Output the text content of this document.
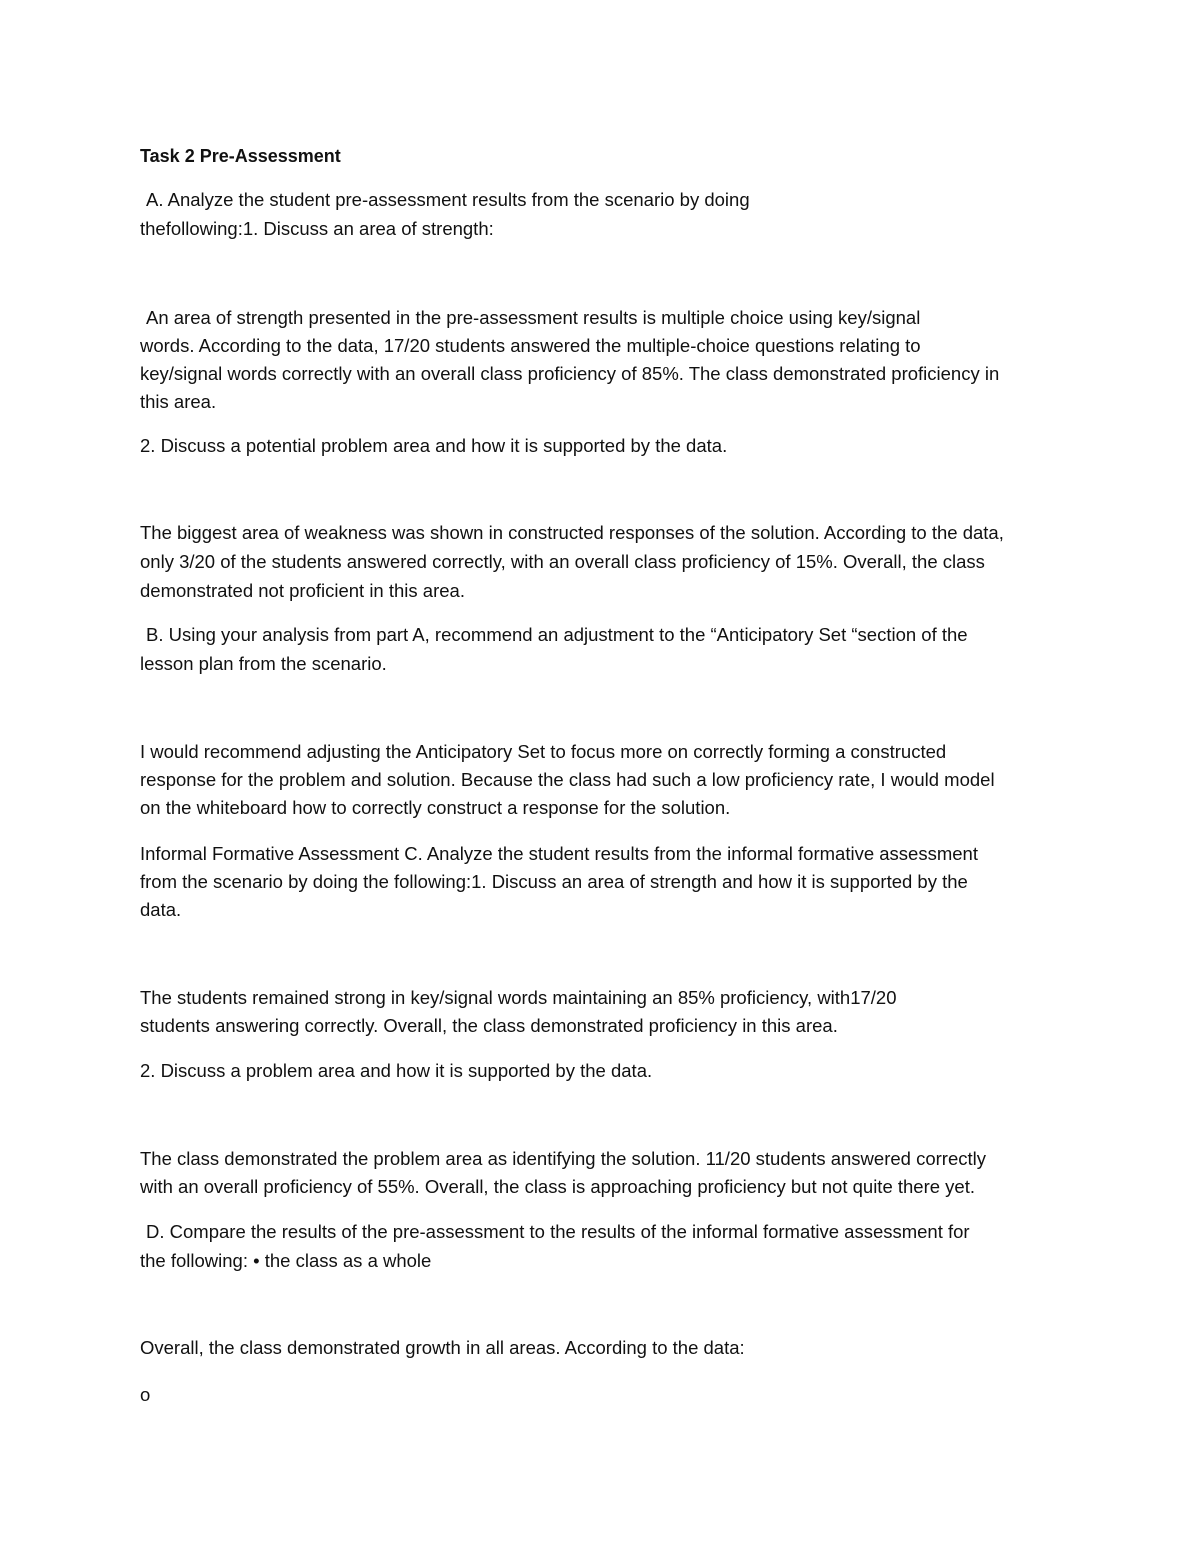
Task 2 Pre-Assessment
A. Analyze the student pre-assessment results from the scenario by doing
thefollowing:1. Discuss an area of strength:
An area of strength presented in the pre-assessment results is multiple choice using key/signal
words. According to the data, 17/20 students answered the multiple-choice questions relating to
key/signal words correctly with an overall class proficiency of 85%. The class demonstrated proficiency in
this area.
2. Discuss a potential problem area and how it is supported by the data.
The biggest area of weakness was shown in constructed responses of the solution. According to the data,
only 3/20 of the students answered correctly, with an overall class proficiency of 15%. Overall, the class
demonstrated not proficient in this area.
B. Using your analysis from part A, recommend an adjustment to the “Anticipatory Set “section of the
lesson plan from the scenario.
I would recommend adjusting the Anticipatory Set to focus more on correctly forming a constructed
response for the problem and solution. Because the class had such a low proficiency rate, I would model
on the whiteboard how to correctly construct a response for the solution.
Informal Formative Assessment C. Analyze the student results from the informal formative assessment
from the scenario by doing the following:1. Discuss an area of strength and how it is supported by the
data.
The students remained strong in key/signal words maintaining an 85% proficiency, with17/20
students answering correctly. Overall, the class demonstrated proficiency in this area.
2. Discuss a problem area and how it is supported by the data.
The class demonstrated the problem area as identifying the solution. 11/20 students answered correctly
with an overall proficiency of 55%. Overall, the class is approaching proficiency but not quite there yet.
D. Compare the results of the pre-assessment to the results of the informal formative assessment for
the following: • the class as a whole
Overall, the class demonstrated growth in all areas. According to the data:
o
